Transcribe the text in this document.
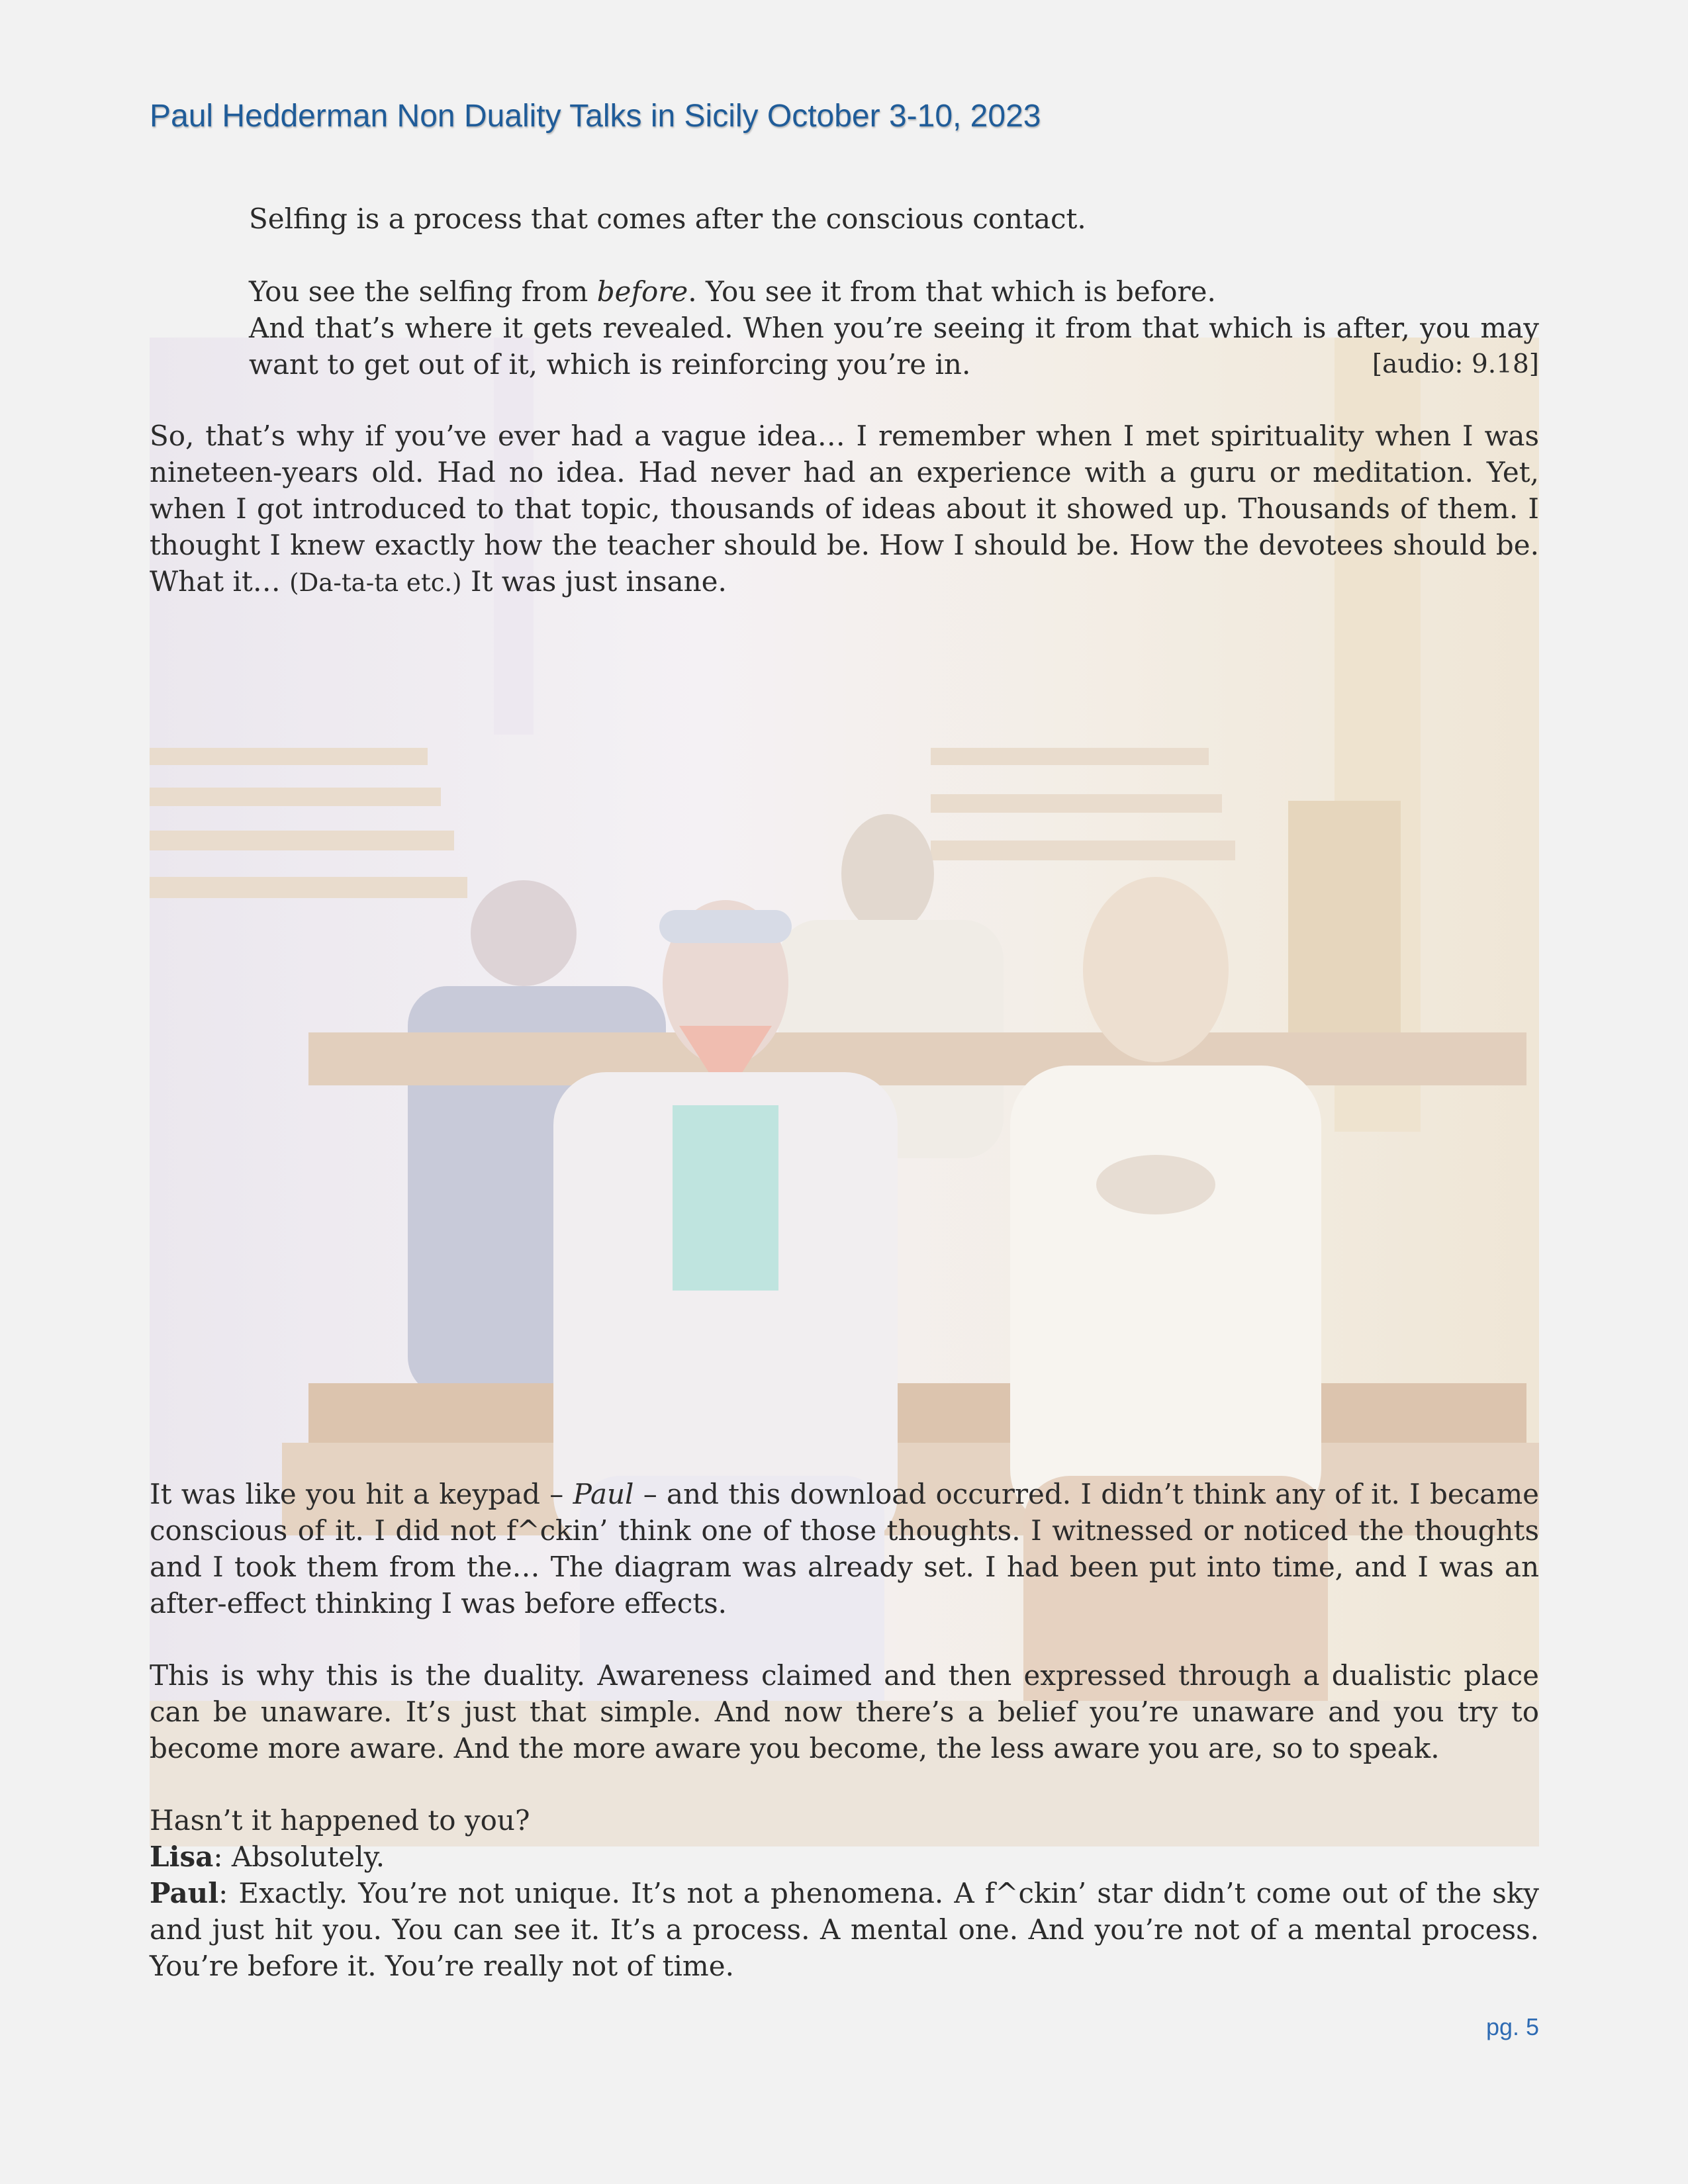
Paul Hedderman Non Duality Talks in Sicily October 3-10, 2023

Selfing is a process that comes after the conscious contact.

You see the selfing from before. You see it from that which is before.

And that’s where it gets revealed. When you’re seeing it from that which is after, you may want to get out of it, which is reinforcing you’re in.	[audio: 9.18]

So, that’s why if you’ve ever had a vague idea… I remember when I met spirituality when I was nineteen-years old. Had no idea. Had never had an experience with a guru or meditation. Yet, when I got introduced to that topic, thousands of ideas about it showed up. Thousands of them. I thought I knew exactly how the teacher should be. How I should be. How the devotees should be. What it… (Da-ta-ta etc.) It was just insane.

It was like you hit a keypad – Paul – and this download occurred. I didn’t think any of it. I became conscious of it. I did not f^ckin’ think one of those thoughts. I witnessed or noticed the thoughts and I took them from the… The diagram was already set. I had been put into time, and I was an after-effect thinking I was before effects.

This is why this is the duality. Awareness claimed and then expressed through a dualistic place can be unaware. It’s just that simple. And now there’s a belief you’re unaware and you try to become more aware. And the more aware you become, the less aware you are, so to speak.

Hasn’t it happened to you?

Lisa: Absolutely.

Paul: Exactly. You’re not unique. It’s not a phenomena. A f^ckin’ star didn’t come out of the sky and just hit you. You can see it. It’s a process. A mental one. And you’re not of a mental process. You’re before it. You’re really not of time.

pg. 5
